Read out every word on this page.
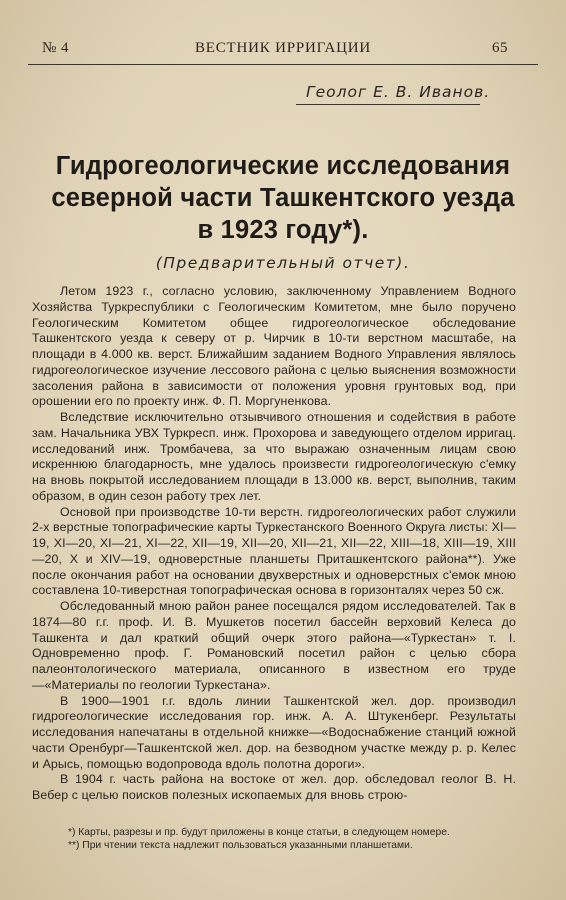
№ 4	ВЕСТНИК ИРРИГАЦИИ	65
Геолог Е. В. Иванов.
Гидрогеологические исследования
северной части Ташкентского уезда
в 1923 году*).
(Предварительный отчет).

Летом 1923 г., согласно условию, заключенному Управлением Водного Хозяйства Туркреспублики с Геологическим Комитетом, мне было поручено Геологическим Комитетом общее гидрогеологическое обследование Ташкентского уезда к северу от р. Чирчик в 10-ти верстном масштабе, на площади в 4.000 кв. верст. Ближайшим заданием Водного Управления являлось гидрогеологическое изучение лессового района с целью выяснения возможности засоления района в зависимости от положения уровня грунтовых вод, при орошении его по проекту инж. Ф. П. Моргуненкова.

Вследствие исключительно отзывчивого отношения и содействия в работе зам. Начальника УВХ Туркресп. инж. Прохорова и заведующего отделом ирригац. исследований инж. Тромбачева, за что выражаю означенным лицам свою искреннюю благодарность, мне удалось произвести гидрогеологическую с'емку на вновь покрытой исследованием площади в 13.000 кв. верст, выполнив, таким образом, в один сезон работу трех лет.

Основой при производстве 10-ти верстн. гидрогеологических работ служили 2-х верстные топографические карты Туркестанского Военного Округа листы: XI—19, XI—20, XI—21, XI—22, XII—19, XII—20, XII—21, XII—22, XIII—18, XIII—19, XIII—20, X и XIV—19, одноверстные планшеты Приташкентского района**). Уже после окончания работ на основании двухверстных и одноверстных с'емок мною составлена 10-тиверстная топографическая основа в горизонталях через 50 сж.

Обследованный мною район ранее посещался рядом исследователей. Так в 1874—80 г.г. проф. И. В. Мушкетов посетил бассейн верховий Келеса до Ташкента и дал краткий общий очерк этого района—«Туркестан» т. I. Одновременно проф. Г. Романовский посетил район с целью сбора палеонтологического материала, описанного в известном его труде—«Материалы по геологии Туркестана».

В 1900—1901 г.г. вдоль линии Ташкентской жел. дор. производил гидрогеологические исследования гор. инж. А. А. Штукенберг. Результаты исследования напечатаны в отдельной книжке—«Водоснабжение станций южной части Оренбург—Ташкентской жел. дор. на безводном участке между р. р. Келес и Арысь, помощью водопровода вдоль полотна дороги».

В 1904 г. часть района на востоке от жел. дор. обследовал геолог В. Н. Вебер с целью поисков полезных ископаемых для вновь строю-

*) Карты, разрезы и пр. будут приложены в конце статьи, в следующем номере.

**) При чтении текста надлежит пользоваться указанными планшетами.
